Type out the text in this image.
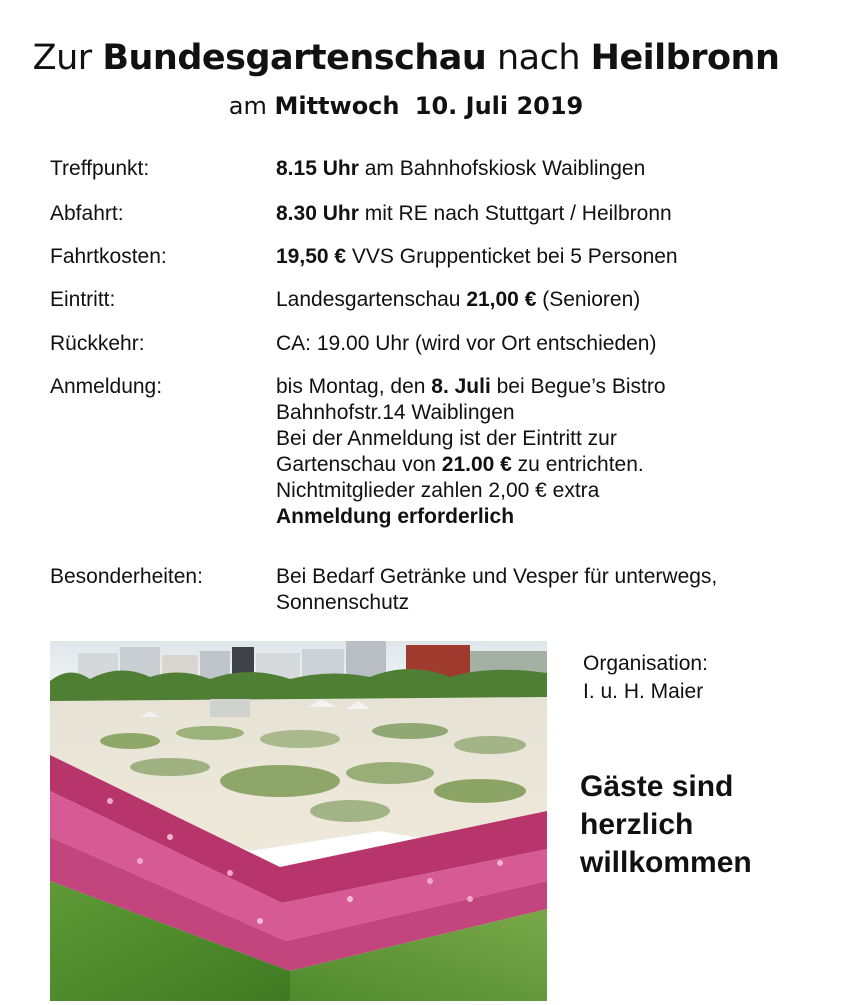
Zur Bundesgartenschau nach Heilbronn
am Mittwoch 10. Juli 2019
Treffpunkt:	8.15 Uhr am Bahnhofskiosk Waiblingen
Abfahrt:	8.30 Uhr mit RE nach Stuttgart / Heilbronn
Fahrtkosten:	19,50 € VVS Gruppenticket bei 5 Personen
Eintritt:	Landesgartenschau 21,00 € (Senioren)
Rückkehr:	CA: 19.00 Uhr (wird vor Ort entschieden)
Anmeldung:	bis Montag, den 8. Juli bei Begue’s Bistro
Bahnhofstr.14 Waiblingen
Bei der Anmeldung ist der Eintritt zur
Gartenschau von 21.00 € zu entrichten.
Nichtmitglieder zahlen 2,00 € extra
Anmeldung erforderlich
Besonderheiten:	Bei Bedarf Getränke und Vesper für unterwegs,
Sonnenschutz
Organisation:
I. u. H. Maier
Gäste sind
herzlich
willkommen
